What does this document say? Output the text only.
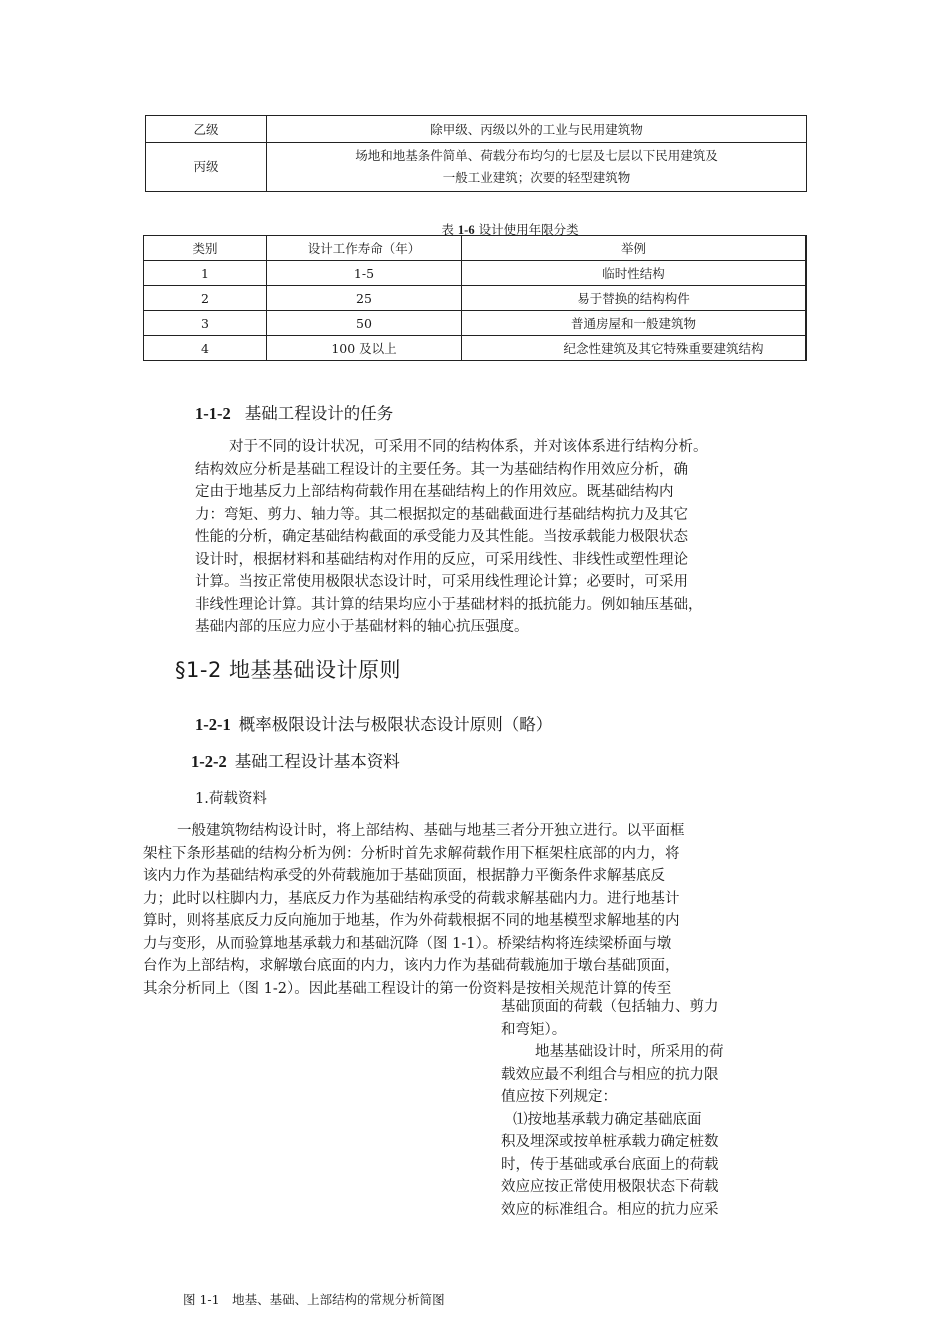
乙级	除甲级、丙级以外的工业与民用建筑物
丙级	场地和地基条件简单、荷载分布均匀的七层及七层以下民用建筑及
一般工业建筑；次要的轻型建筑物
表 1-6 设计使用年限分类
类别	设计工作寿命（年）	举例
1	1-5	临时性结构
2	25	易于替换的结构构件
3	50	普通房屋和一般建筑物
4	100 及以上	纪念性建筑及其它特殊重要建筑结构
1-1-2 基础工程设计的任务

对于不同的设计状况，可采用不同的结构体系，并对该体系进行结构分析。

结构效应分析是基础工程设计的主要任务。其一为基础结构作用效应分析，确

定由于地基反力上部结构荷载作用在基础结构上的作用效应。既基础结构内

力：弯矩、剪力、轴力等。其二根据拟定的基础截面进行基础结构抗力及其它

性能的分析，确定基础结构截面的承受能力及其性能。当按承载能力极限状态

设计时，根据材料和基础结构对作用的反应，可采用线性、非线性或塑性理论

计算。当按正常使用极限状态设计时，可采用线性理论计算；必要时，可采用

非线性理论计算。其计算的结果均应小于基础材料的抵抗能力。例如轴压基础，

基础内部的压应力应小于基础材料的轴心抗压强度。

§1-2 地基基础设计原则
1-2-1 概率极限设计法与极限状态设计原则（略）
1-2-2 基础工程设计基本资料
1.荷载资料

一般建筑物结构设计时，将上部结构、基础与地基三者分开独立进行。以平面框

架柱下条形基础的结构分析为例：分析时首先求解荷载作用下框架柱底部的内力，将

该内力作为基础结构承受的外荷载施加于基础顶面，根据静力平衡条件求解基底反

力；此时以柱脚内力，基底反力作为基础结构承受的荷载求解基础内力。进行地基计

算时，则将基底反力反向施加于地基，作为外荷载根据不同的地基模型求解地基的内

力与变形，从而验算地基承载力和基础沉降（图 1-1）。桥梁结构将连续梁桥面与墩

台作为上部结构，求解墩台底面的内力，该内力作为基础荷载施加于墩台基础顶面，

其余分析同上（图 1-2）。因此基础工程设计的第一份资料是按相关规范计算的传至

基础顶面的荷载（包括轴力、剪力

和弯矩）。

地基基础设计时，所采用的荷

载效应最不利组合与相应的抗力限

值应按下列规定：

⑴按地基承载力确定基础底面

积及埋深或按单桩承载力确定桩数

时，传于基础或承台底面上的荷载

效应应按正常使用极限状态下荷载

效应的标准组合。相应的抗力应采

图 1-1　地基、基础、上部结构的常规分析简图
